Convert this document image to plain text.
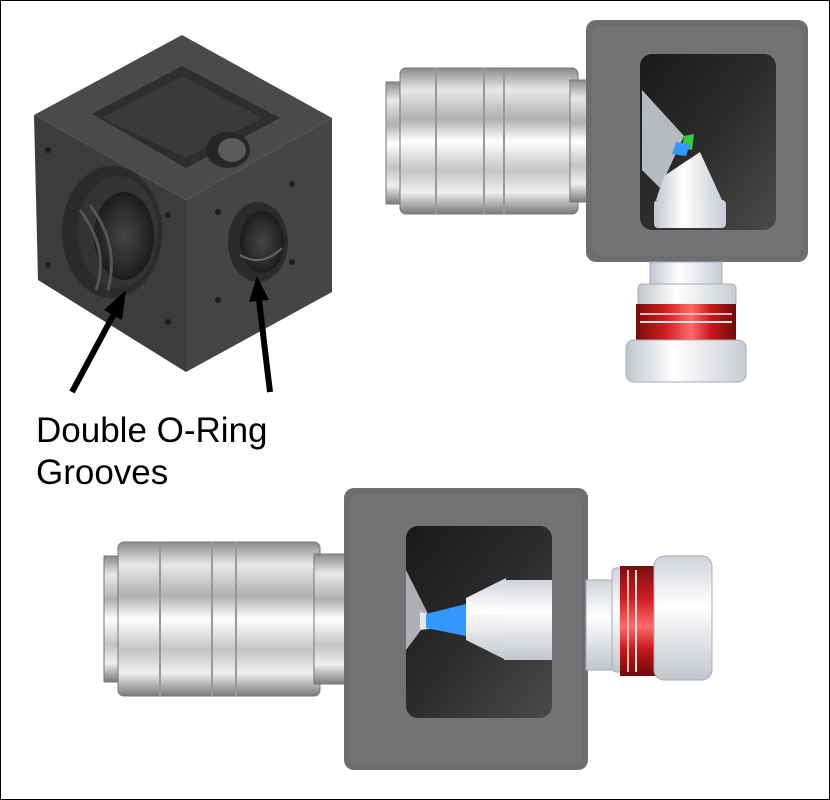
Double O-Ring
Grooves
